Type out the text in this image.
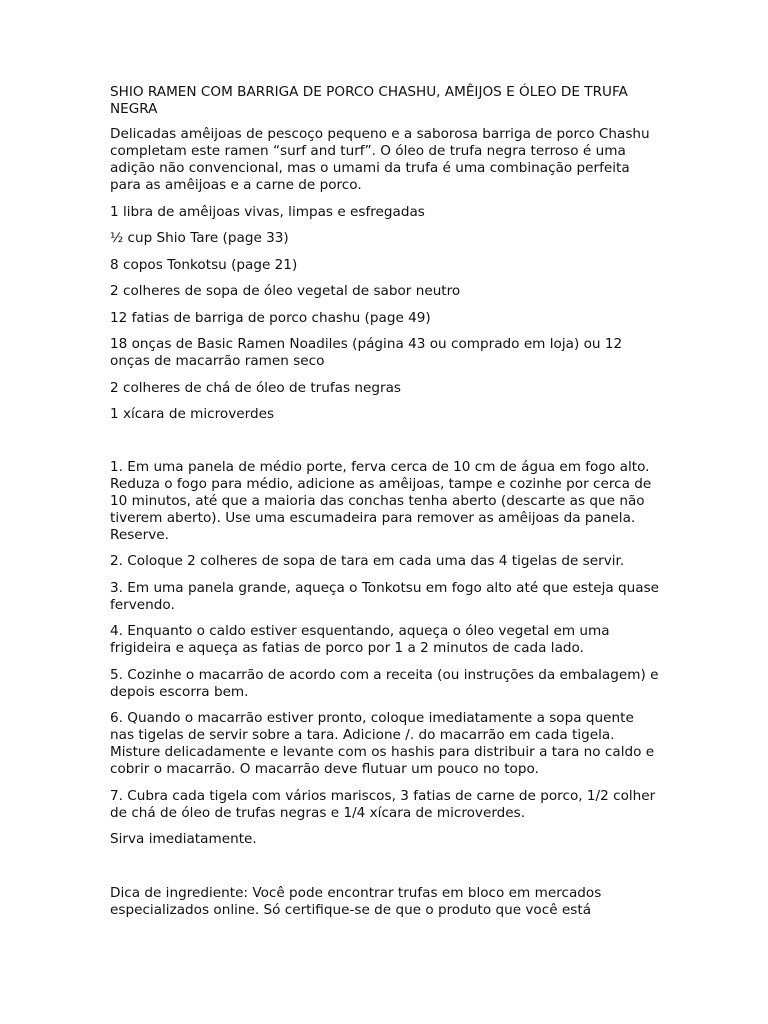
SHIO RAMEN COM BARRIGA DE PORCO CHASHU, AMÊIJOS E ÓLEO DE TRUFA NEGRA

Delicadas amêijoas de pescoço pequeno e a saborosa barriga de porco Chashu completam este ramen “surf and turf”. O óleo de trufa negra terroso é uma adição não convencional, mas o umami da trufa é uma combinação perfeita para as amêijoas e a carne de porco.

1 libra de amêijoas vivas, limpas e esfregadas

½ cup Shio Tare (page 33)

8 copos Tonkotsu (page 21)

2 colheres de sopa de óleo vegetal de sabor neutro

12 fatias de barriga de porco chashu (page 49)

18 onças de Basic Ramen Noadiles (página 43 ou comprado em loja) ou 12 onças de macarrão ramen seco

2 colheres de chá de óleo de trufas negras

1 xícara de microverdes

1. Em uma panela de médio porte, ferva cerca de 10 cm de água em fogo alto. Reduza o fogo para médio, adicione as amêijoas, tampe e cozinhe por cerca de 10 minutos, até que a maioria das conchas tenha aberto (descarte as que não tiverem aberto). Use uma escumadeira para remover as amêijoas da panela. Reserve.

2. Coloque 2 colheres de sopa de tara em cada uma das 4 tigelas de servir.

3. Em uma panela grande, aqueça o Tonkotsu em fogo alto até que esteja quase fervendo.

4. Enquanto o caldo estiver esquentando, aqueça o óleo vegetal em uma frigideira e aqueça as fatias de porco por 1 a 2 minutos de cada lado.

5. Cozinhe o macarrão de acordo com a receita (ou instruções da embalagem) e depois escorra bem.

6. Quando o macarrão estiver pronto, coloque imediatamente a sopa quente nas tigelas de servir sobre a tara. Adicione /. do macarrão em cada tigela. Misture delicadamente e levante com os hashis para distribuir a tara no caldo e cobrir o macarrão. O macarrão deve flutuar um pouco no topo.

7. Cubra cada tigela com vários mariscos, 3 fatias de carne de porco, 1/2 colher de chá de óleo de trufas negras e 1/4 xícara de microverdes.

Sirva imediatamente.

Dica de ingrediente: Você pode encontrar trufas em bloco em mercados especializados online. Só certifique-se de que o produto que você está
